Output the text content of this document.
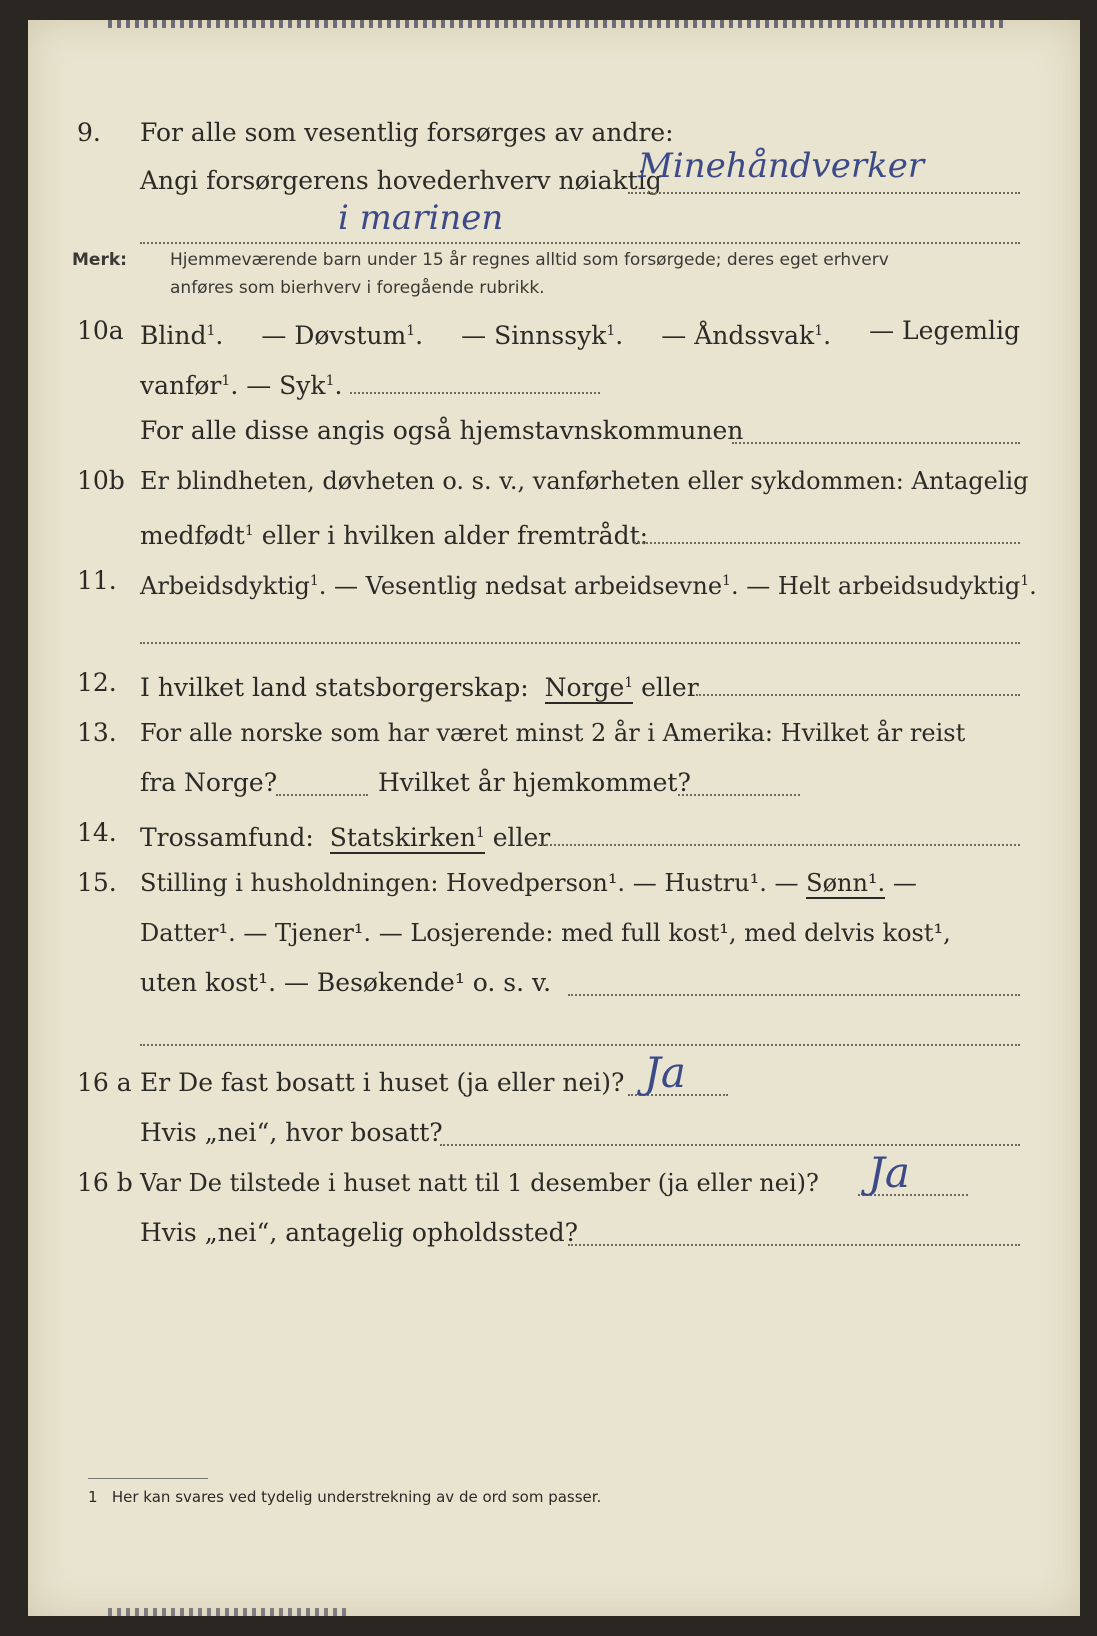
9. For alle som vesentlig forsørges av andre:
Angi forsørgerens hovederhverv nøiaktig
Minehåndverker
i marinen
Merk:	Hjemmeværende barn under 15 år regnes alltid som forsørgede; deres eget erhverv
anføres som bierhverv i foregående rubrikk.
10a Blind$^1$. — Døvstum$^1$. — Sinnssyk$^1$. — Åndssvak$^1$. — Legemlig
vanfør$^1$. — Syk$^1$.
For alle disse angis også hjemstavnskommunen
10b Er blindheten, døvheten o. s. v., vanførheten eller sykdommen: Antagelig
medfødt$^1$ eller i hvilken alder fremtrådt:
11. Arbeidsdyktig$^1$. — Vesentlig nedsat arbeidsevne$^1$. — Helt arbeidsudyktig$^1$.
12. I hvilket land statsborgerskap: Norge$^1$ eller
13. For alle norske som har været minst 2 år i Amerika: Hvilket år reist
fra Norge?	Hvilket år hjemkommet?
14. Trossamfund: Statskirken$^1$ eller
15. Stilling i husholdningen: Hovedperson¹. — Hustru¹. — Sønn¹. —
Datter¹. — Tjener¹. — Losjerende: med full kost¹, med delvis kost¹,
uten kost¹. — Besøkende¹ o. s. v.
16 a Er De fast bosatt i huset (ja eller nei)? Ja
Hvis „nei“, hvor bosatt?
16 b Var De tilstede i huset natt til 1 desember (ja eller nei)? Ja
Hvis „nei“, antagelig opholdssted?
1 Her kan svares ved tydelig understrekning av de ord som passer.
